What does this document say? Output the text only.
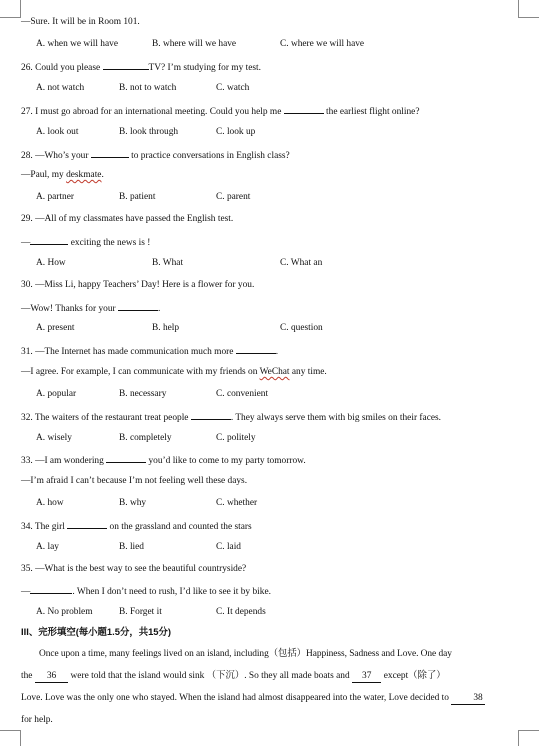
—Sure. It will be in Room 101.
A. when we will have	B. where will we have	C. where we will have
26. Could you please	TV? I’m studying for my test.
A. not watch	B. not to watch	C. watch
27. I must go abroad for an international meeting. Could you help me	the earliest flight online?
A. look out	B. look through	C. look up
28. —Who’s your	to practice conversations in English class?
—Paul, my deskmate.
A. partner	B. patient	C. parent
29. —All of my classmates have passed the English test.
—	exciting the news is !
A. How	B. What	C. What an
30. —Miss Li, happy Teachers’ Day! Here is a flower for you.
—Wow! Thanks for your	.
A. present	B. help	C. question
31. —The Internet has made communication much more	.
—I agree. For example, I can communicate with my friends on WeChat any time.
A. popular	B. necessary	C. convenient
32. The waiters of the restaurant treat people	. They always serve them with big smiles on their faces.
A. wisely	B. completely	C. politely
33. —I am wondering	you’d like to come to my party tomorrow.
—I’m afraid I can’t because I’m not feeling well these days.
A. how	B. why	C. whether
34. The girl	on the grassland and counted the stars
A. lay	B. lied	C. laid
35. —What is the best way to see the beautiful countryside?
—	. When I don’t need to rush, I’d like to see it by bike.
A. No problem	B. Forget it	C. It depends
III、完形填空(每小题1.5分，共15分)
Once upon a time, many feelings lived on an island, including（包括）Happiness, Sadness and Love. One day
the 36 were told that the island would sink （下沉）. So they all made boats and 37 except（除了）
Love. Love was the only one who stayed. When the island had almost disappeared into the water, Love decided to 38
for help.
